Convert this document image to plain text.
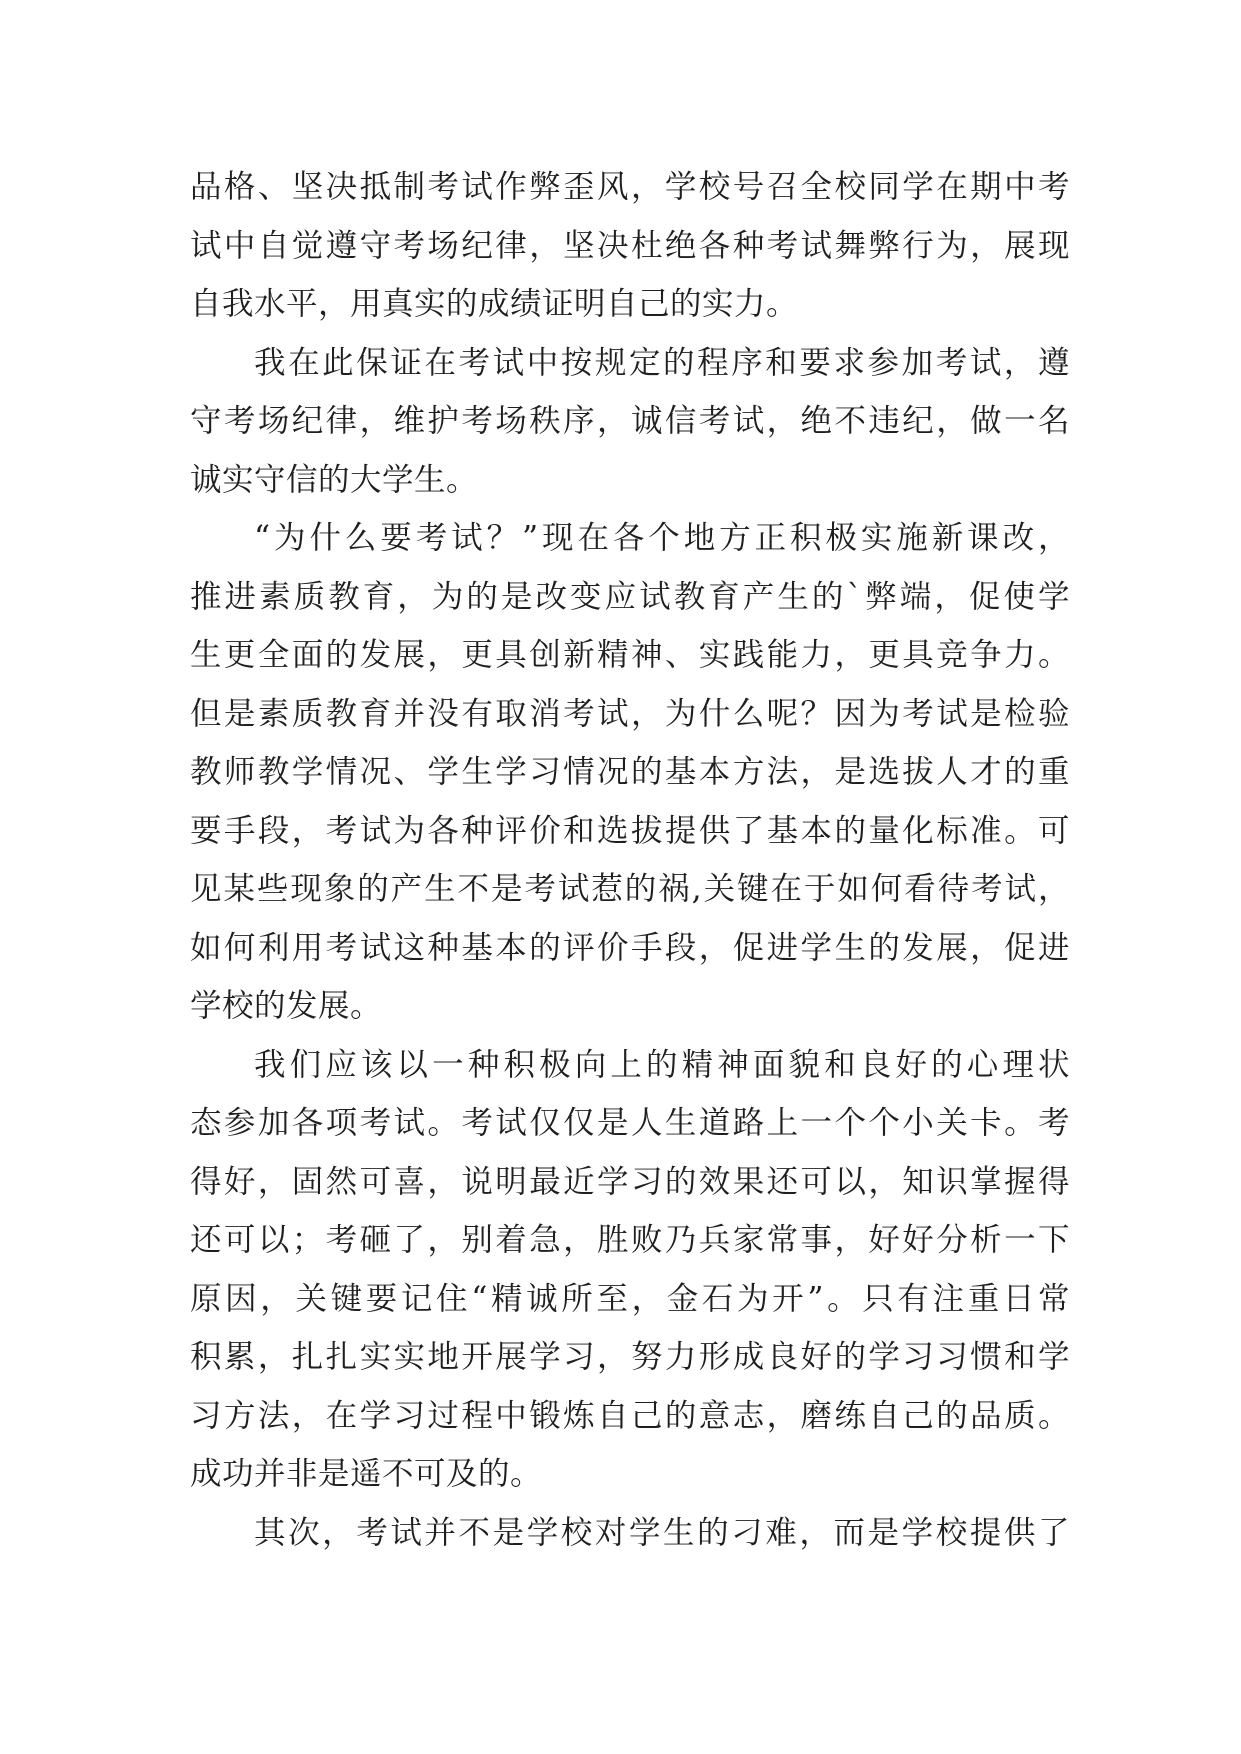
品格、坚决抵制考试作弊歪风，学校号召全校同学在期中考
试中自觉遵守考场纪律，坚决杜绝各种考试舞弊行为，展现
自我水平，用真实的成绩证明自己的实力。
我在此保证在考试中按规定的程序和要求参加考试，遵
守考场纪律，维护考场秩序，诚信考试，绝不违纪，做一名
诚实守信的大学生。
“为什么要考试？”现在各个地方正积极实施新课改，
推进素质教育，为的是改变应试教育产生的`弊端，促使学
生更全面的发展，更具创新精神、实践能力，更具竞争力。
但是素质教育并没有取消考试，为什么呢？因为考试是检验
教师教学情况、学生学习情况的基本方法，是选拔人才的重
要手段，考试为各种评价和选拔提供了基本的量化标准。可
见某些现象的产生不是考试惹的祸,关键在于如何看待考试，
如何利用考试这种基本的评价手段，促进学生的发展，促进
学校的发展。
我们应该以一种积极向上的精神面貌和良好的心理状
态参加各项考试。考试仅仅是人生道路上一个个小关卡。考
得好，固然可喜，说明最近学习的效果还可以，知识掌握得
还可以；考砸了，别着急，胜败乃兵家常事，好好分析一下
原因，关键要记住“精诚所至，金石为开”。只有注重日常
积累，扎扎实实地开展学习，努力形成良好的学习习惯和学
习方法，在学习过程中锻炼自己的意志，磨练自己的品质。
成功并非是遥不可及的。
其次，考试并不是学校对学生的刁难，而是学校提供了
